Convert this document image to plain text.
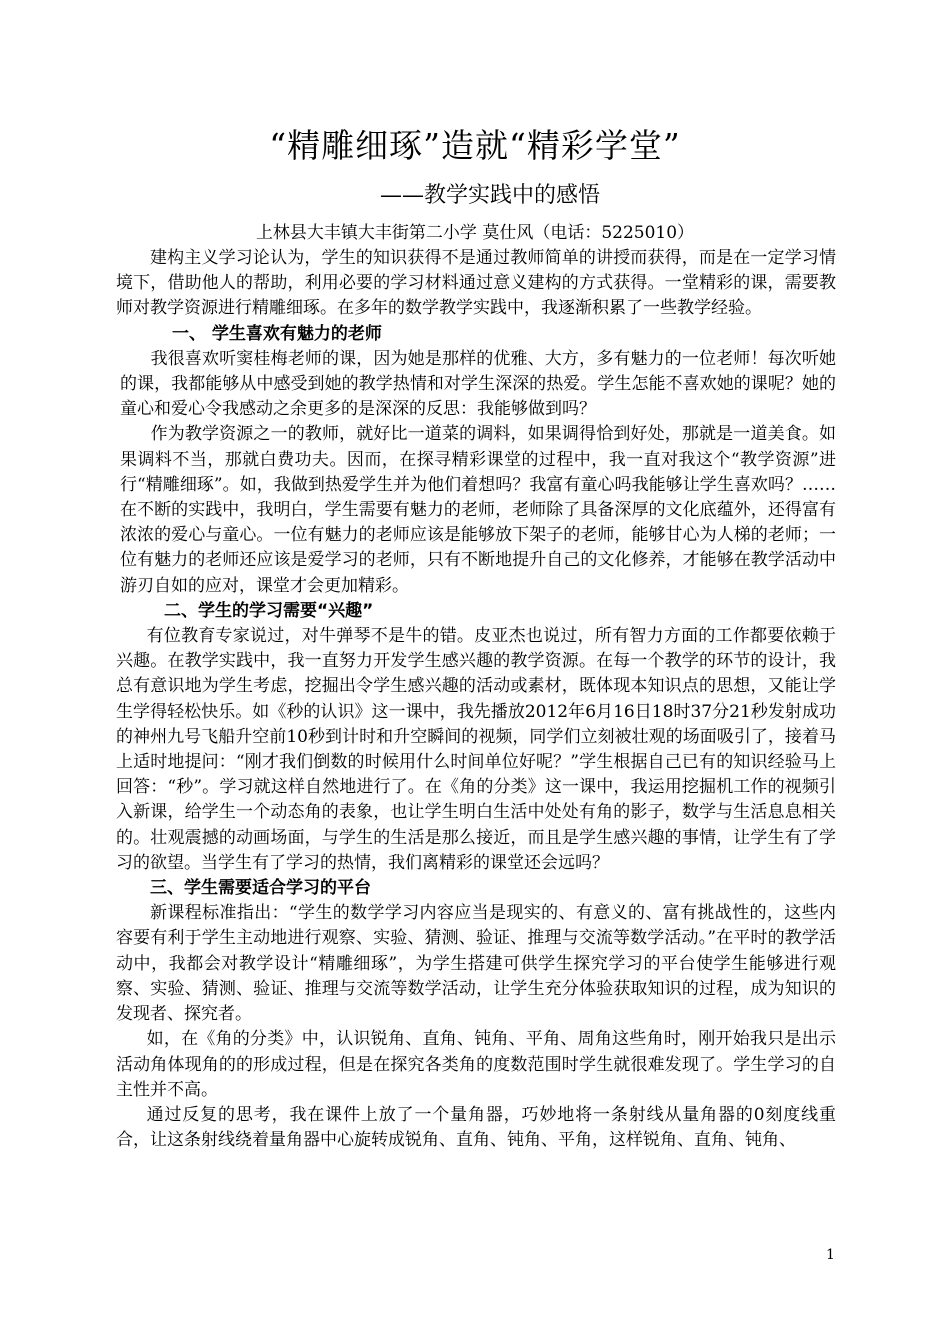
“精雕细琢”造就“精彩学堂”
——教学实践中的感悟
上林县大丰镇大丰街第二小学 莫仕风（电话：5225010）

建构主义学习论认为，学生的知识获得不是通过教师简单的讲授而获得，而是在一定学习情境下，借助他人的帮助，利用必要的学习材料通过意义建构的方式获得。一堂精彩的课，需要教师对教学资源进行精雕细琢。在多年的数学教学实践中，我逐渐积累了一些教学经验。

一、 学生喜欢有魅力的老师

我很喜欢听窦桂梅老师的课，因为她是那样的优雅、大方，多有魅力的一位老师！每次听她的课，我都能够从中感受到她的教学热情和对学生深深的热爱。学生怎能不喜欢她的课呢？她的童心和爱心令我感动之余更多的是深深的反思：我能够做到吗？

作为教学资源之一的教师，就好比一道菜的调料，如果调得恰到好处，那就是一道美食。如果调料不当，那就白费功夫。因而，在探寻精彩课堂的过程中，我一直对我这个“教学资源”进行“精雕细琢”。如，我做到热爱学生并为他们着想吗？我富有童心吗我能够让学生喜欢吗？……在不断的实践中，我明白，学生需要有魅力的老师，老师除了具备深厚的文化底蕴外，还得富有浓浓的爱心与童心。一位有魅力的老师应该是能够放下架子的老师，能够甘心为人梯的老师；一位有魅力的老师还应该是爱学习的老师，只有不断地提升自己的文化修养，才能够在教学活动中游刃自如的应对，课堂才会更加精彩。

二、学生的学习需要“兴趣”

有位教育专家说过，对牛弹琴不是牛的错。皮亚杰也说过，所有智力方面的工作都要依赖于兴趣。在教学实践中，我一直努力开发学生感兴趣的教学资源。在每一个教学的环节的设计，我总有意识地为学生考虑，挖掘出令学生感兴趣的活动或素材，既体现本知识点的思想，又能让学生学得轻松快乐。如《秒的认识》这一课中，我先播放2012年6月16日18时37分21秒发射成功的神州九号飞船升空前10秒到计时和升空瞬间的视频，同学们立刻被壮观的场面吸引了，接着马上适时地提问：“刚才我们倒数的时候用什么时间单位好呢？”学生根据自己已有的知识经验马上回答：“秒”。学习就这样自然地进行了。在《角的分类》这一课中，我运用挖掘机工作的视频引入新课，给学生一个动态角的表象，也让学生明白生活中处处有角的影子，数学与生活息息相关的。壮观震撼的动画场面，与学生的生活是那么接近，而且是学生感兴趣的事情，让学生有了学习的欲望。当学生有了学习的热情，我们离精彩的课堂还会远吗？

三、学生需要适合学习的平台

新课程标准指出：“学生的数学学习内容应当是现实的、有意义的、富有挑战性的，这些内容要有利于学生主动地进行观察、实验、猜测、验证、推理与交流等数学活动。”在平时的教学活动中，我都会对教学设计“精雕细琢”，为学生搭建可供学生探究学习的平台使学生能够进行观察、实验、猜测、验证、推理与交流等数学活动，让学生充分体验获取知识的过程，成为知识的发现者、探究者。

如，在《角的分类》中，认识锐角、直角、钝角、平角、周角这些角时，刚开始我只是出示活动角体现角的的形成过程，但是在探究各类角的度数范围时学生就很难发现了。学生学习的自主性并不高。

通过反复的思考，我在课件上放了一个量角器，巧妙地将一条射线从量角器的0刻度线重合，让这条射线绕着量角器中心旋转成锐角、直角、钝角、平角，这样锐角、直角、钝角、

1
